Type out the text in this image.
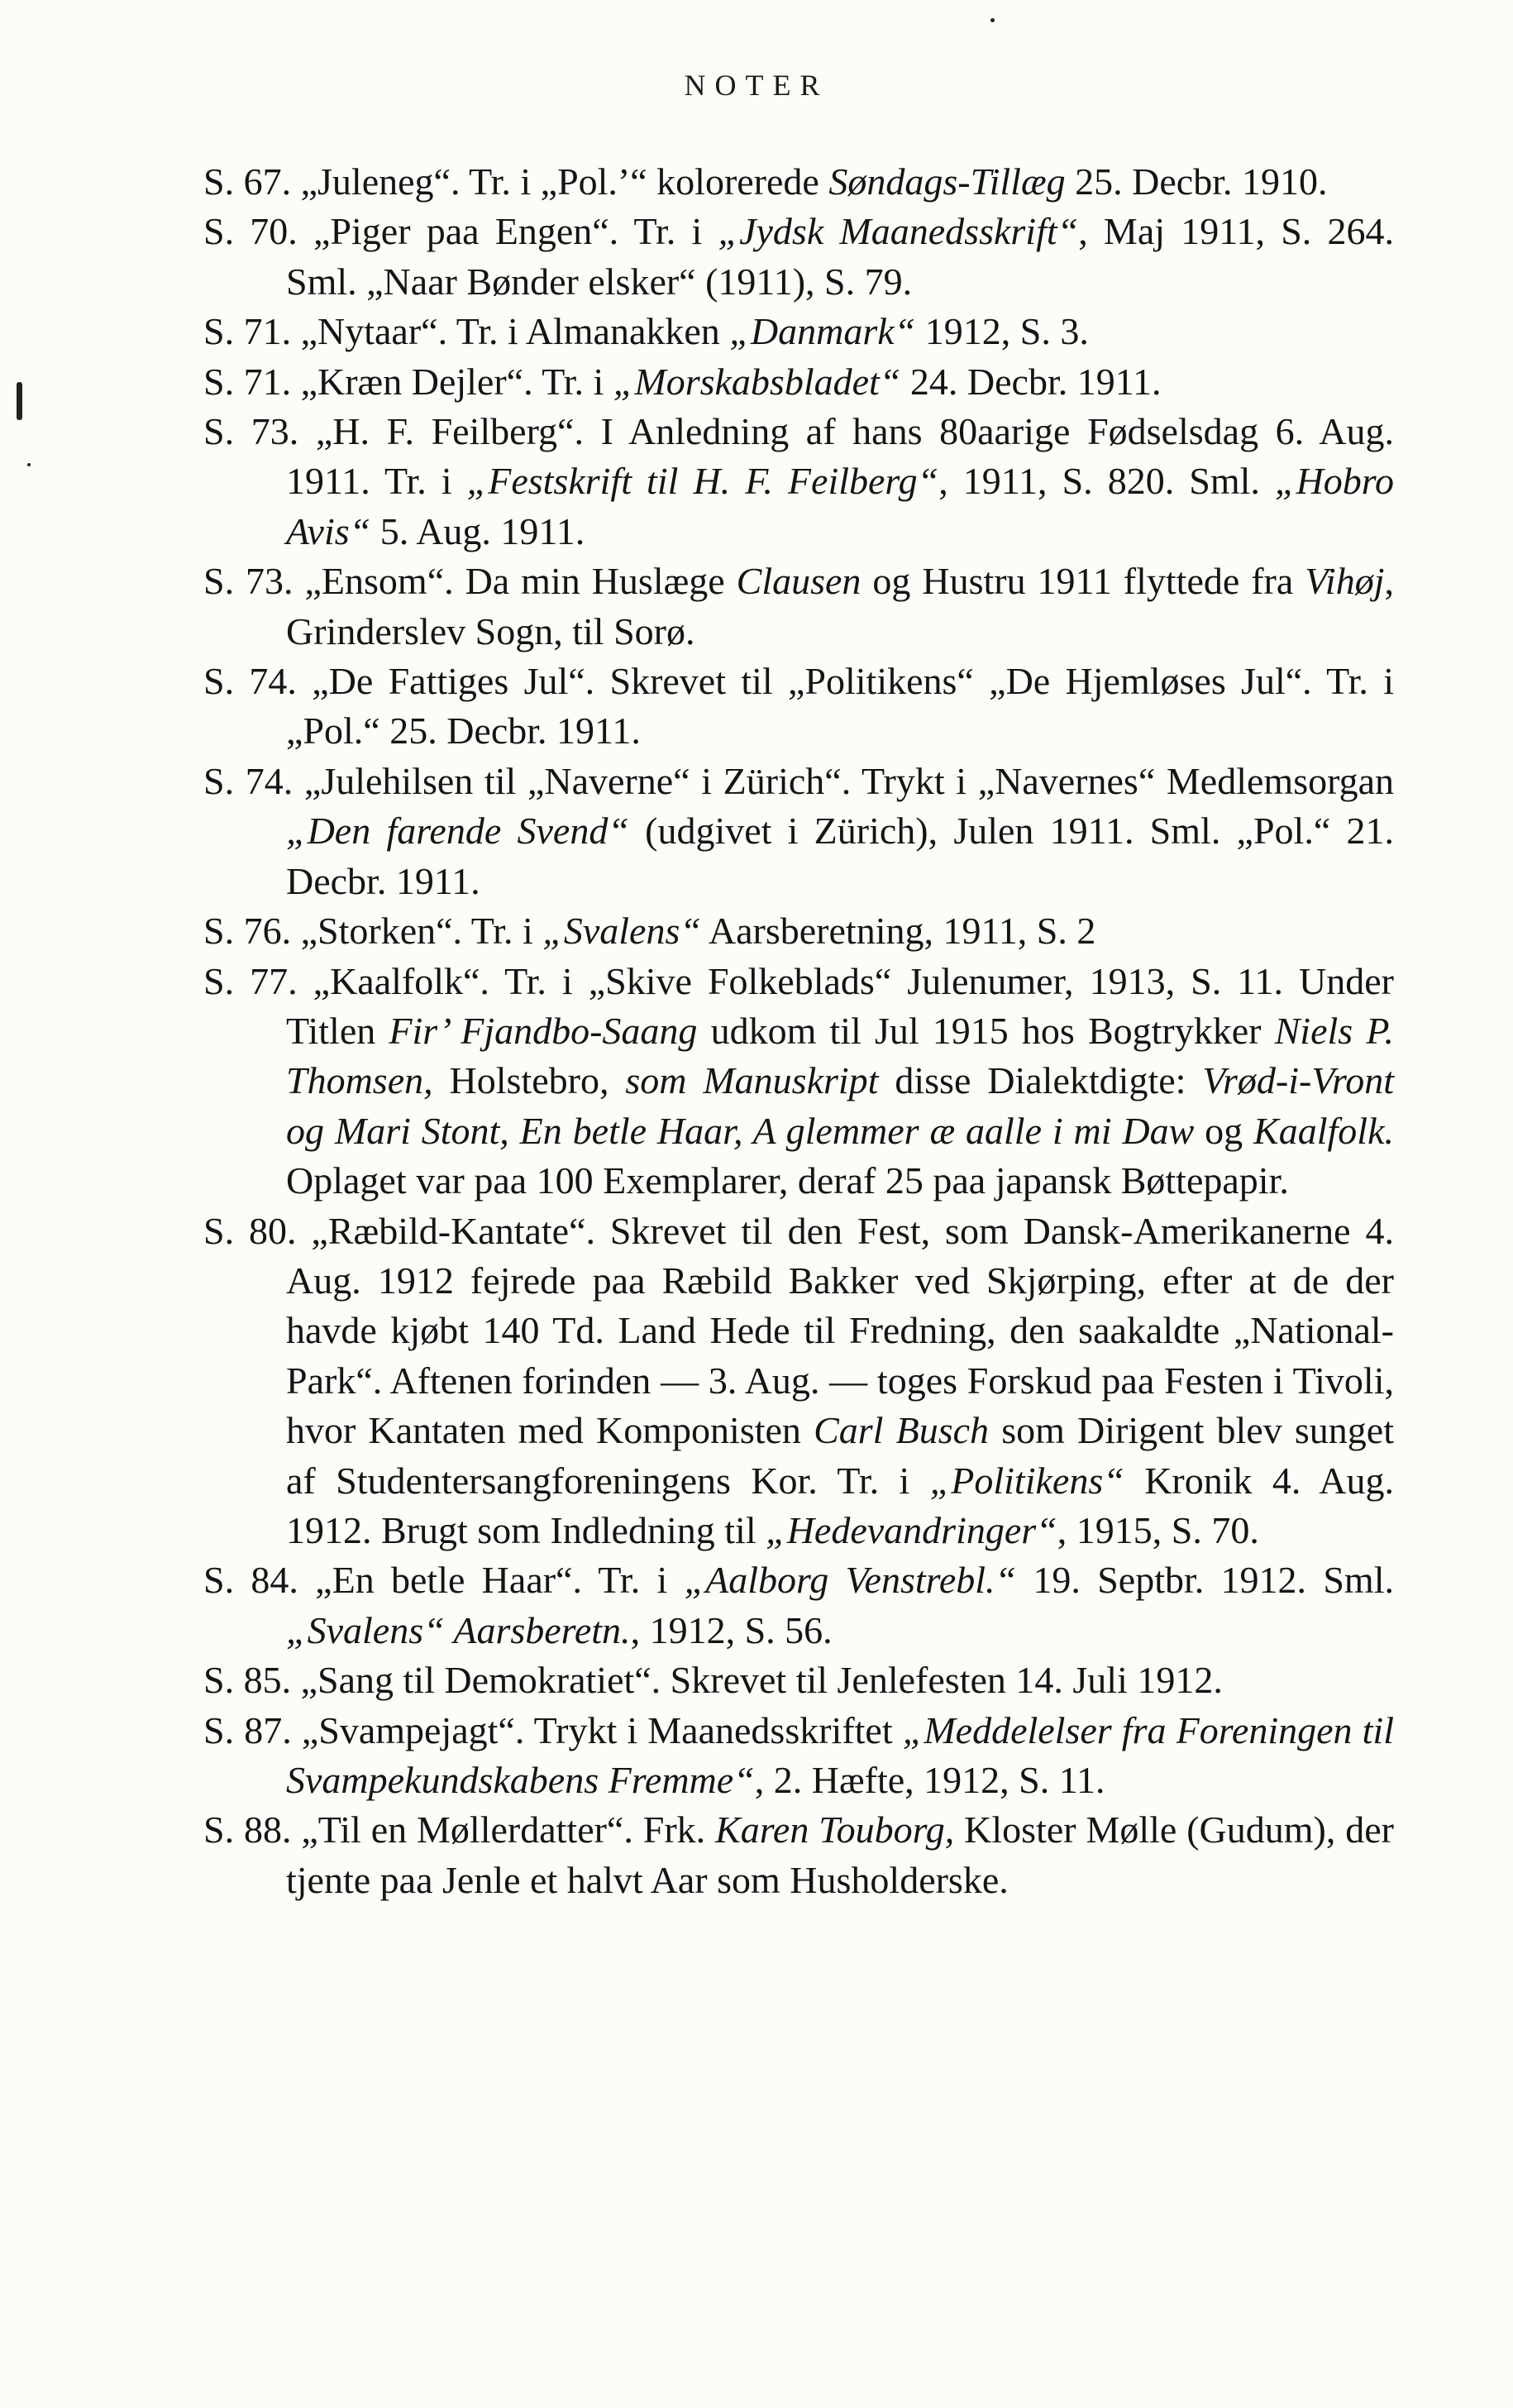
NOTER
S. 67. „Juleneg“. Tr. i „Pol.’“ kolorerede Søndags-Tillæg 25. Decbr. 1910.
S. 70. „Piger paa Engen“. Tr. i „Jydsk Maanedsskrift“, Maj 1911, S. 264. Sml. „Naar Bønder elsker“ (1911), S. 79.
S. 71. „Nytaar“. Tr. i Almanakken „Danmark“ 1912, S. 3.
S. 71. „Kræn Dejler“. Tr. i „Morskabsbladet“ 24. Decbr. 1911.
S. 73. „H. F. Feilberg“. I Anledning af hans 80aarige Fødselsdag 6. Aug. 1911. Tr. i „Festskrift til H. F. Feilberg“, 1911, S. 820. Sml. „Hobro Avis“ 5. Aug. 1911.
S. 73. „Ensom“. Da min Huslæge Clausen og Hustru 1911 flyttede fra Vihøj, Grinderslev Sogn, til Sorø.
S. 74. „De Fattiges Jul“. Skrevet til „Politikens“ „De Hjemløses Jul“. Tr. i „Pol.“ 25. Decbr. 1911.
S. 74. „Julehilsen til „Naverne“ i Zürich“. Trykt i „Navernes“ Medlemsorgan „Den farende Svend“ (udgivet i Zürich), Julen 1911. Sml. „Pol.“ 21. Decbr. 1911.
S. 76. „Storken“. Tr. i „Svalens“ Aarsberetning, 1911, S. 2
S. 77. „Kaalfolk“. Tr. i „Skive Folkeblads“ Julenumer, 1913, S. 11. Under Titlen Fir’ Fjandbo-Saang udkom til Jul 1915 hos Bogtrykker Niels P. Thomsen, Holstebro, som Manuskript disse Dialektdigte: Vrød-i-Vront og Mari Stont, En betle Haar, A glemmer æ aalle i mi Daw og Kaalfolk. Oplaget var paa 100 Exemplarer, deraf 25 paa japansk Bøttepapir.
S. 80. „Ræbild-Kantate“. Skrevet til den Fest, som Dansk-Amerikanerne 4. Aug. 1912 fejrede paa Ræbild Bakker ved Skjørping, efter at de der havde kjøbt 140 Td. Land Hede til Fredning, den saakaldte „National-Park“. Aftenen forinden — 3. Aug. — toges Forskud paa Festen i Tivoli, hvor Kantaten med Komponisten Carl Busch som Dirigent blev sunget af Studentersangforeningens Kor. Tr. i „Politikens“ Kronik 4. Aug. 1912. Brugt som Indledning til „Hedevandringer“, 1915, S. 70.
S. 84. „En betle Haar“. Tr. i „Aalborg Venstrebl.“ 19. Septbr. 1912. Sml. „Svalens“ Aarsberetn., 1912, S. 56.
S. 85. „Sang til Demokratiet“. Skrevet til Jenlefesten 14. Juli 1912.
S. 87. „Svampejagt“. Trykt i Maanedsskriftet „Meddelelser fra Foreningen til Svampekundskabens Fremme“, 2. Hæfte, 1912, S. 11.
S. 88. „Til en Møllerdatter“. Frk. Karen Touborg, Kloster Mølle (Gudum), der tjente paa Jenle et halvt Aar som Husholderske.
